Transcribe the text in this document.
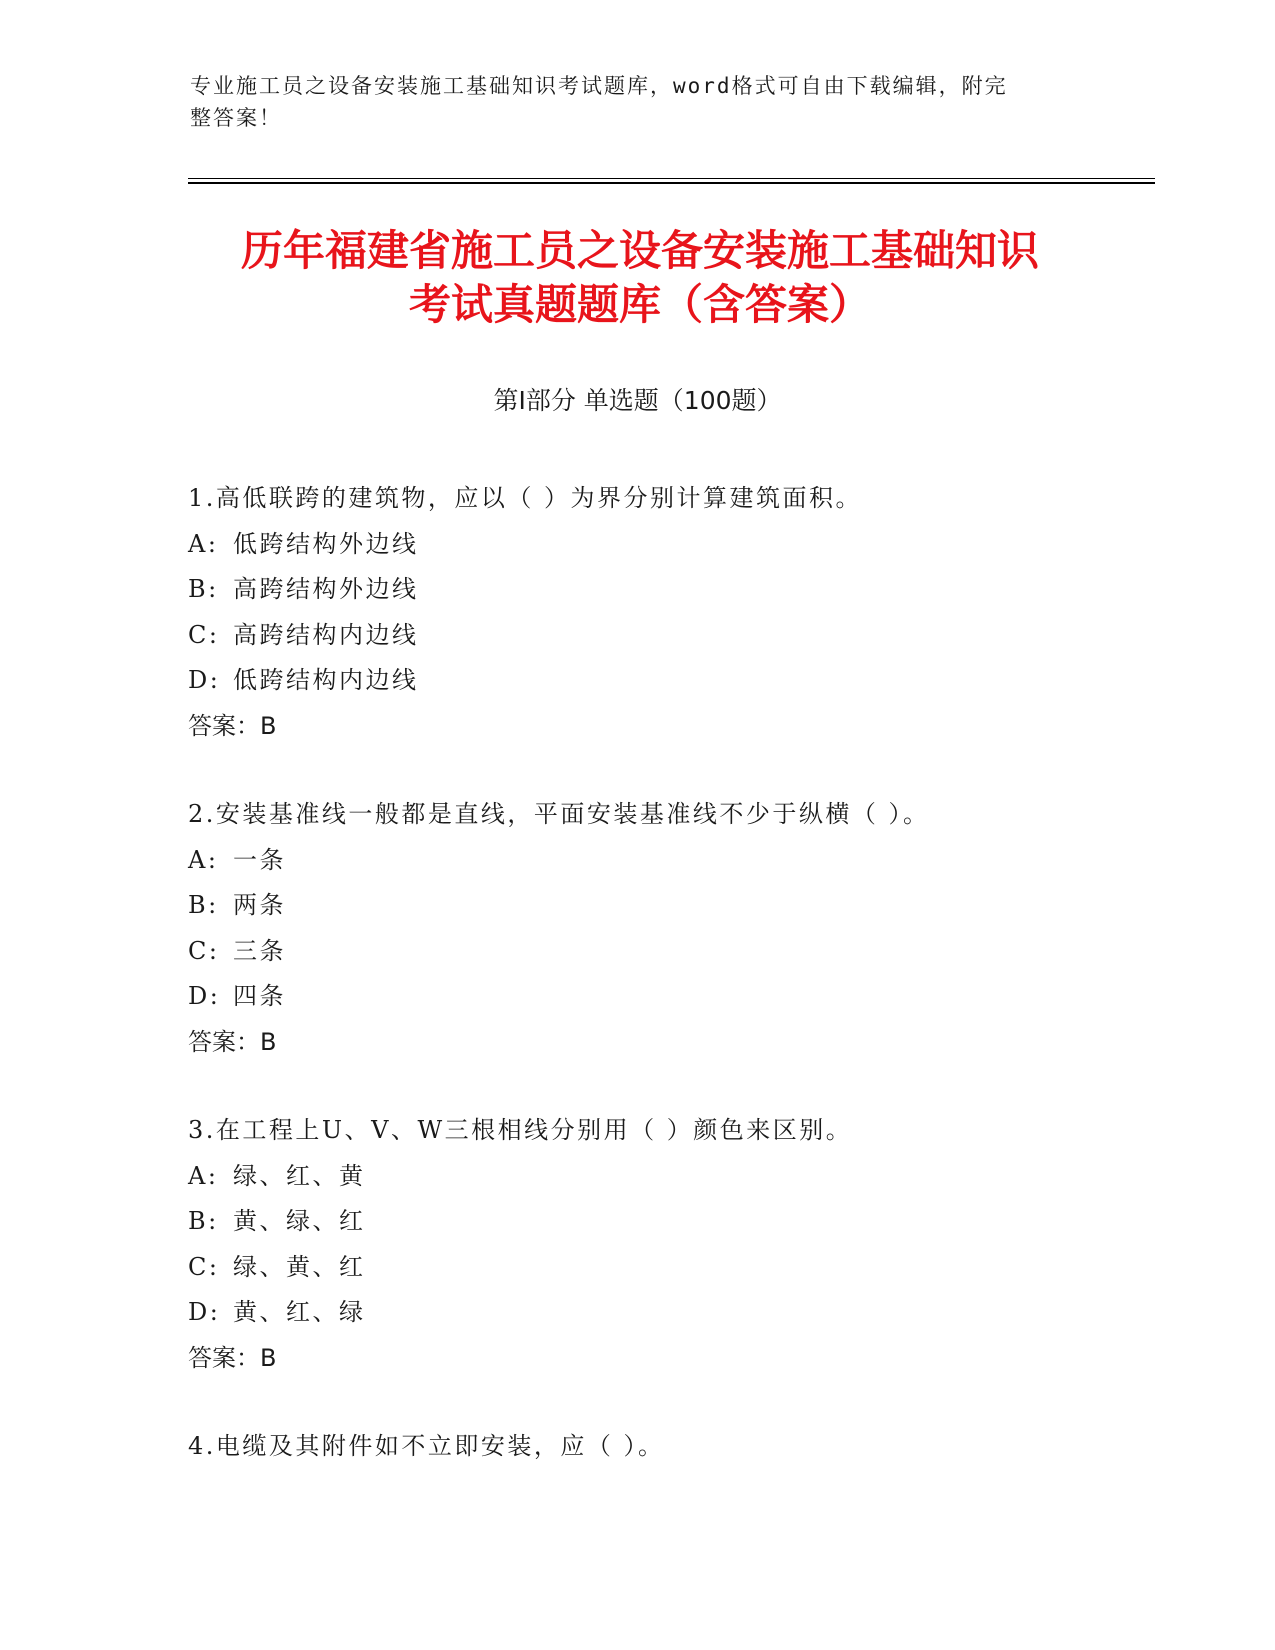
专业施工员之设备安装施工基础知识考试题库，word格式可自由下载编辑，附完
整答案！
历年福建省施工员之设备安装施工基础知识
考试真题题库（含答案）
第Ⅰ部分 单选题（100题）
1.高低联跨的建筑物，应以（ ）为界分别计算建筑面积。
A: 低跨结构外边线
B: 高跨结构外边线
C: 高跨结构内边线
D: 低跨结构内边线
答案：B
2.安装基准线一般都是直线，平面安装基准线不少于纵横（ ）。
A: 一条
B: 两条
C: 三条
D: 四条
答案：B
3.在工程上U、V、W三根相线分别用（ ）颜色来区别。
A: 绿、红、黄
B: 黄、绿、红
C: 绿、黄、红
D: 黄、红、绿
答案：B
4.电缆及其附件如不立即安装，应（ ）。
